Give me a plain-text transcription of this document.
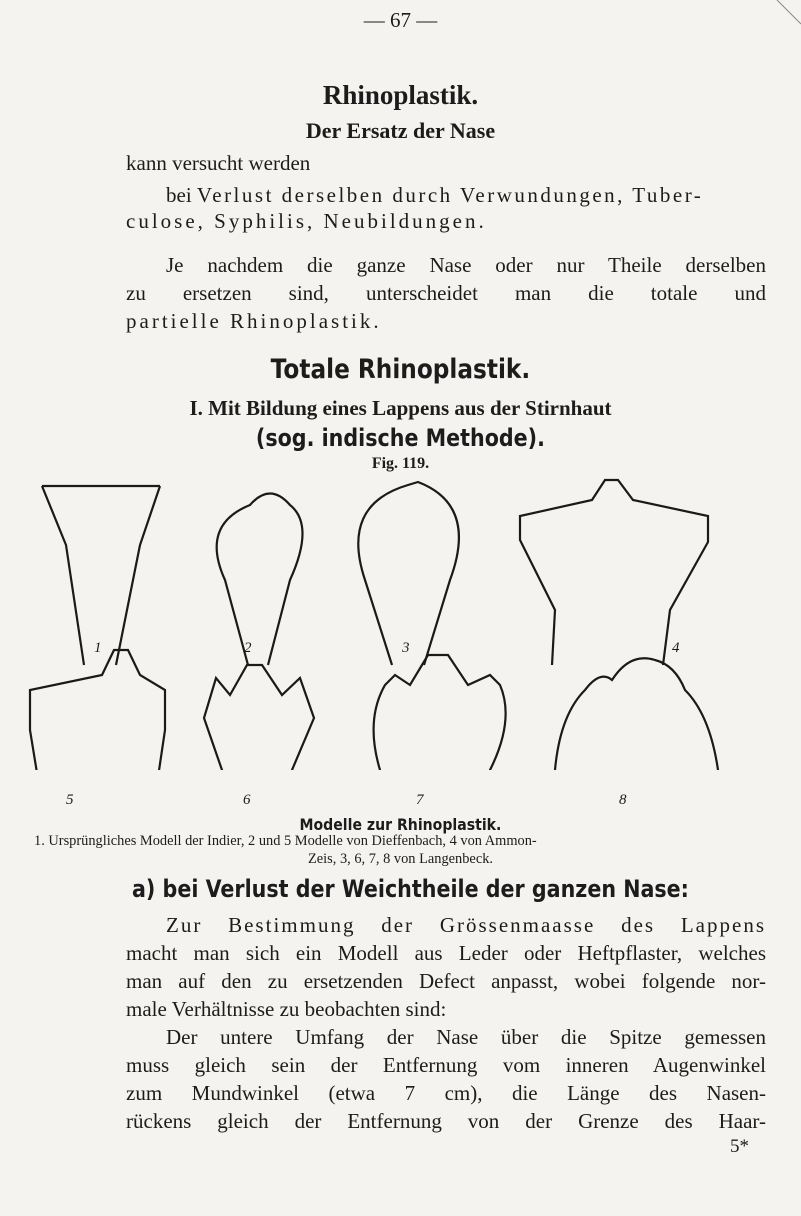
— 67 —
Rhinoplastik.
Der Ersatz der Nase
kann versucht werden
bei Verlust derselben durch Verwundungen, Tuber-
culose, Syphilis, Neubildungen.
Je nachdem die ganze Nase oder nur Theile derselben
zu ersetzen sind, unterscheidet man die totale und
partielle Rhinoplastik.
Totale Rhinoplastik.
I. Mit Bildung eines Lappens aus der Stirnhaut
(sog. indische Methode).
Fig. 119.
1	2	3	4
5	6	7	8
Modelle zur Rhinoplastik.
1. Ursprüngliches Modell der Indier, 2 und 5 Modelle von Dieffenbach, 4 von Ammon-
Zeis, 3, 6, 7, 8 von Langenbeck.
a) bei Verlust der Weichtheile der ganzen Nase:
Zur Bestimmung der Grössenmaasse des Lappens
macht man sich ein Modell aus Leder oder Heftpflaster, welches
man auf den zu ersetzenden Defect anpasst, wobei folgende nor-
male Verhältnisse zu beobachten sind:
Der untere Umfang der Nase über die Spitze gemessen
muss gleich sein der Entfernung vom inneren Augenwinkel
zum Mundwinkel (etwa 7 cm), die Länge des Nasen-
rückens gleich der Entfernung von der Grenze des Haar-
5*
